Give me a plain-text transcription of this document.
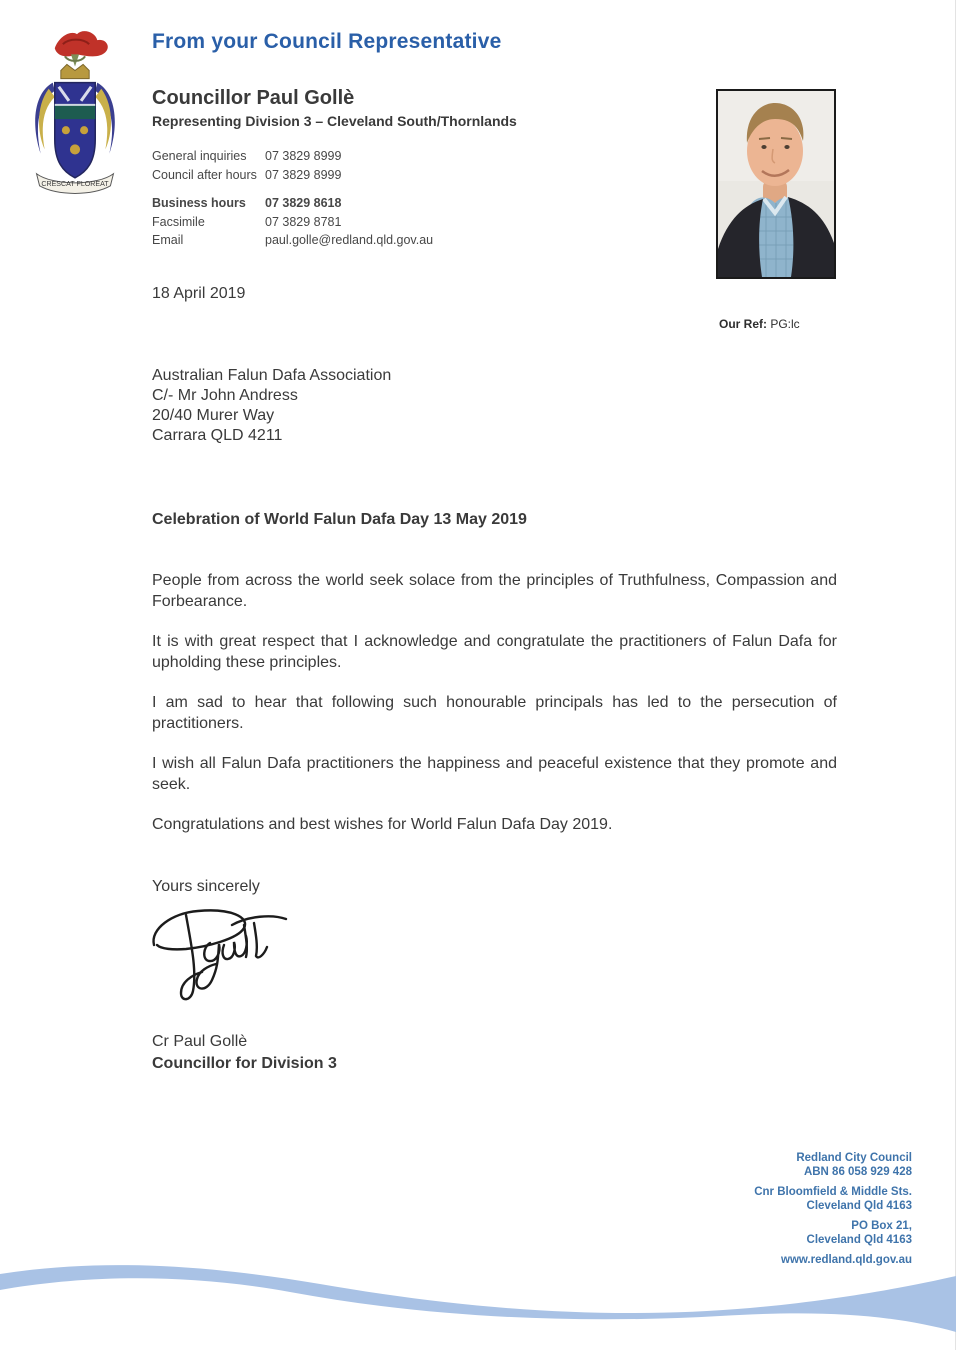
CRESCAT FLOREAT
From your Council Representative
Councillor Paul Gollè
Representing Division 3 – Cleveland South/Thornlands
General inquiries	07 3829 8999
Council after hours 07 3829 8999
Business hours	07 3829 8618
Facsimile	07 3829 8781
Email	paul.golle@redland.qld.gov.au
18 April 2019
Our Ref: PG:lc
Australian Falun Dafa Association
C/- Mr John Andress
20/40 Murer Way
Carrara QLD 4211
Celebration of World Falun Dafa Day 13 May 2019

People from across the world seek solace from the principles of Truthfulness, Compassion and Forbearance.

It is with great respect that I acknowledge and congratulate the practitioners of Falun Dafa for upholding these principles.

I am sad to hear that following such honourable principals has led to the persecution of practitioners.

I wish all Falun Dafa practitioners the happiness and peaceful existence that they promote and seek.

Congratulations and best wishes for World Falun Dafa Day 2019.

Yours sincerely
Cr Paul Gollè
Councillor for Division 3
Redland City Council
ABN 86 058 929 428
Cnr Bloomfield & Middle Sts.
Cleveland Qld 4163
PO Box 21,
Cleveland Qld 4163
www.redland.qld.gov.au
